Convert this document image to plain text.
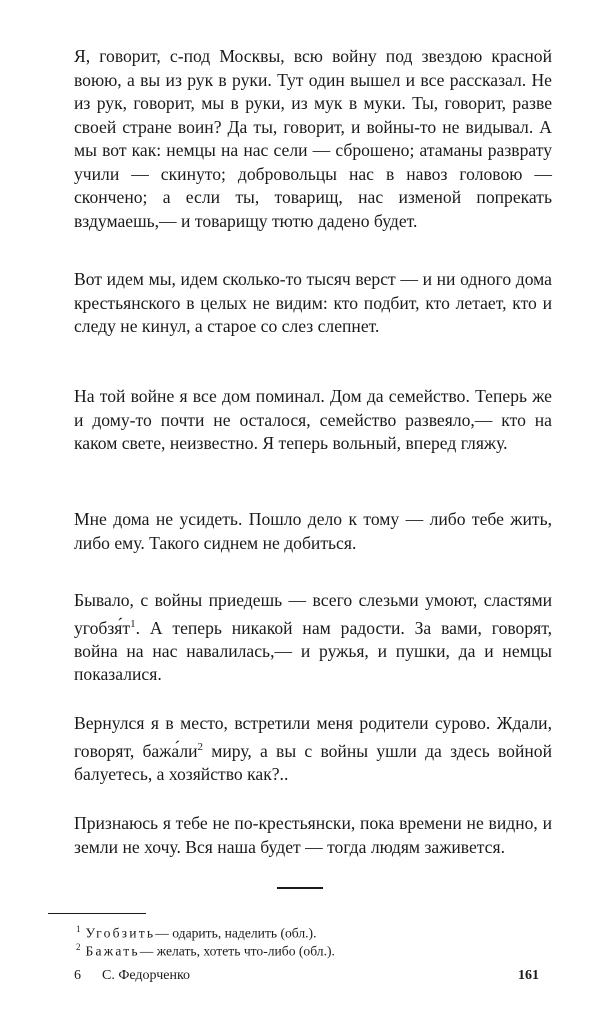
Я, говорит, с-под Москвы, всю войну под звездою красной воюю, а вы из рук в руки. Тут один вышел и все рассказал. Не из рук, говорит, мы в руки, из мук в муки. Ты, говорит, разве своей стране воин? Да ты, говорит, и войны-то не видывал. А мы вот как: немцы на нас сели — сброшено; атаманы разврату учили — скинуто; добровольцы нас в навоз головою — скончено; а если ты, товарищ, нас изменой попрекать вздумаешь,— и товарищу тютю дадено будет.

Вот идем мы, идем сколько-то тысяч верст — и ни одного дома крестьянского в целых не видим: кто подбит, кто летает, кто и следу не кинул, а старое со слез слепнет.

На той войне я все дом поминал. Дом да семейство. Теперь же и дому-то почти не осталося, семейство развеяло,— кто на каком свете, неизвестно. Я теперь вольный, вперед гляжу.

Мне дома не усидеть. Пошло дело к тому — либо тебе жить, либо ему. Такого сиднем не добиться.

Бывало, с войны приедешь — всего слезьми умоют, сластями угобзя́т$^1$. А теперь никакой нам радости. За вами, говорят, война на нас навалилась,— и ружья, и пушки, да и немцы показалися.

Вернулся я в место, встретили меня родители сурово. Ждали, говорят, бажа́ли$^2$ миру, а вы с войны ушли да здесь войной балуетесь, а хозяйство как?..

Признаюсь я тебе не по-крестьянски, пока времени не видно, и земли не хочу. Вся наша будет — тогда людям заживется.

$^1$ Угобзить— одарить, наделить (обл.).
$^2$ Бажать— желать, хотеть что-либо (обл.).
6 С. Федорченко	161
